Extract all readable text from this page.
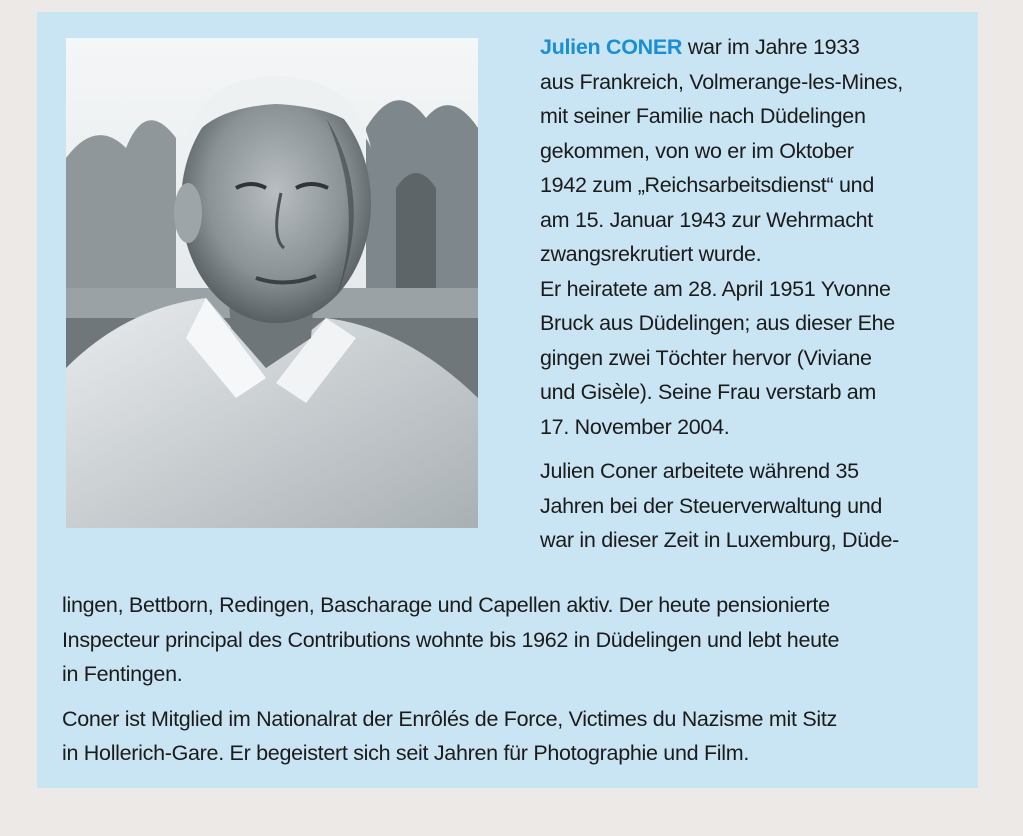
Julien CONER war im Jahre 1933

aus Frankreich, Volmerange-les-Mines,

mit seiner Familie nach Düdelingen

gekommen, von wo er im Oktober

1942 zum „Reichsarbeitsdienst“ und

am 15. Januar 1943 zur Wehrmacht

zwangsrekrutiert wurde.

Er heiratete am 28. April 1951 Yvonne

Bruck aus Düdelingen; aus dieser Ehe

gingen zwei Töchter hervor (Viviane

und Gisèle). Seine Frau verstarb am

17. November 2004.

Julien Coner arbeitete während 35

Jahren bei der Steuerverwaltung und

war in dieser Zeit in Luxemburg, Düde-

lingen, Bettborn, Redingen, Bascharage und Capellen aktiv. Der heute pensionierte

Inspecteur principal des Contributions wohnte bis 1962 in Düdelingen und lebt heute

in Fentingen.

Coner ist Mitglied im Nationalrat der Enrôlés de Force, Victimes du Nazisme mit Sitz

in Hollerich-Gare. Er begeistert sich seit Jahren für Photographie und Film.
